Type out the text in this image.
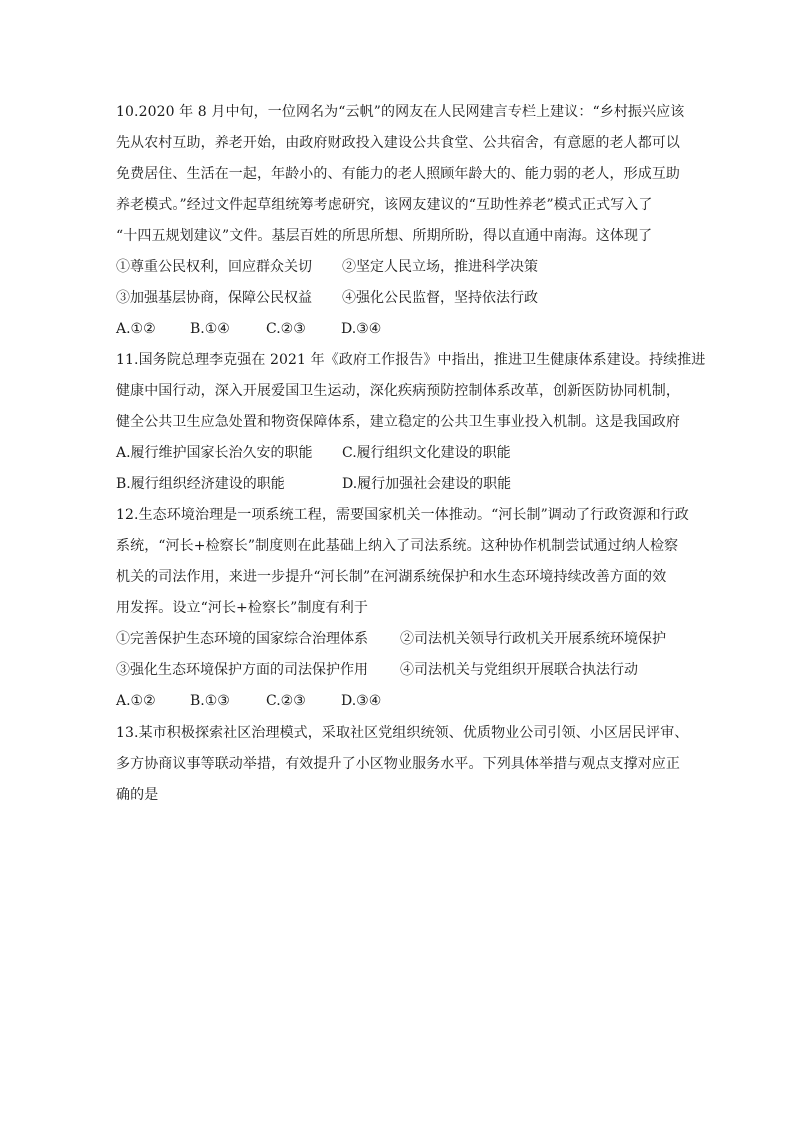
10.2020 年 8 月中旬，一位网名为“云帆”的网友在人民网建言专栏上建议：“乡村振兴应该
先从农村互助，养老开始，由政府财政投入建设公共食堂、公共宿舍，有意愿的老人都可以
免费居住、生活在一起，年龄小的、有能力的老人照顾年龄大的、能力弱的老人，形成互助
养老模式。”经过文件起草组统筹考虑研究，该网友建议的“互助性养老”模式正式写入了
“十四五规划建议”文件。基层百姓的所思所想、所期所盼，得以直通中南海。这体现了
①尊重公民权利，回应群众关切 ②坚定人民立场，推进科学决策
③加强基层协商，保障公民权益 ④强化公民监督，坚持依法行政
A.①② B.①④	C.②③	D.③④
11.国务院总理李克强在 2021 年《政府工作报告》中指出，推进卫生健康体系建设。持续推进
健康中国行动，深入开展爱国卫生运动，深化疾病预防控制体系改革，创新医防协同机制，
健全公共卫生应急处置和物资保障体系，建立稳定的公共卫生事业投入机制。这是我国政府
A.履行维护国家长治久安的职能 C.履行组织文化建设的职能
B.履行组织经济建设的职能	D.履行加强社会建设的职能
12.生态环境治理是一项系统工程，需要国家机关一体推动。“河长制”调动了行政资源和行政
系统，“河长+检察长”制度则在此基础上纳入了司法系统。这种协作机制尝试通过纳人检察
机关的司法作用，来进一步提升“河长制”在河湖系统保护和水生态环境持续改善方面的效
用发挥。设立“河长+检察长”制度有利于
①完善保护生态环境的国家综合治理体系 ②司法机关领导行政机关开展系统环境保护
③强化生态环境保护方面的司法保护作用 ④司法机关与党组织开展联合执法行动
A.①② B.①③	C.②③	D.③④
13.某市积极探索社区治理模式，采取社区党组织统领、优质物业公司引领、小区居民评审、
多方协商议事等联动举措，有效提升了小区物业服务水平。下列具体举措与观点支撑对应正
确的是
